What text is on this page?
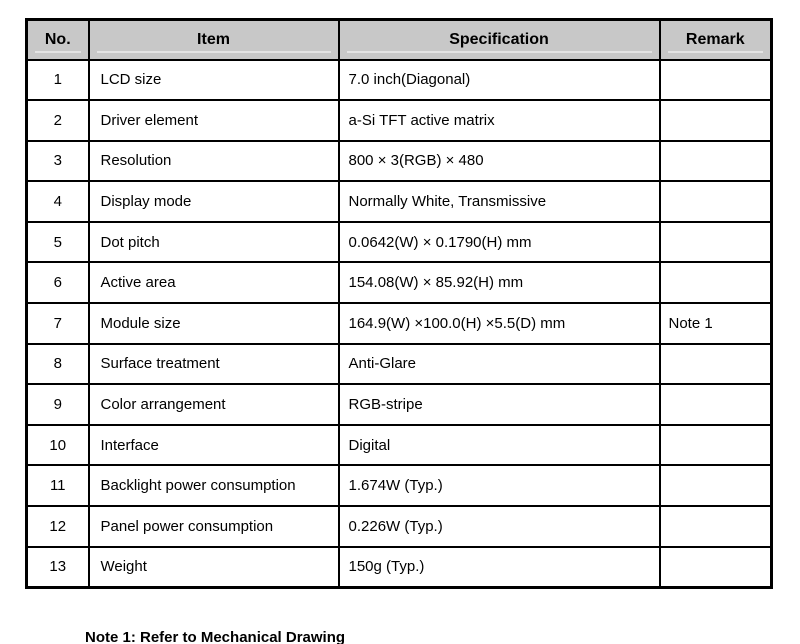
No.	Item	Specification	Remark
1	LCD size	7.0 inch(Diagonal)	
2	Driver element	a-Si TFT active matrix	
3	Resolution	800 × 3(RGB) × 480	
4	Display mode	Normally White, Transmissive	
5	Dot pitch	0.0642(W) × 0.1790(H) mm	
6	Active area	154.08(W) × 85.92(H) mm	
7	Module size	164.9(W) ×100.0(H) ×5.5(D) mm	Note 1
8	Surface treatment	Anti-Glare	
9	Color arrangement	RGB-stripe	
10	Interface	Digital	
11	Backlight power consumption	1.674W (Typ.)	
12	Panel power consumption	0.226W (Typ.)	
13	Weight	150g (Typ.)	
Note 1: Refer to Mechanical Drawing
